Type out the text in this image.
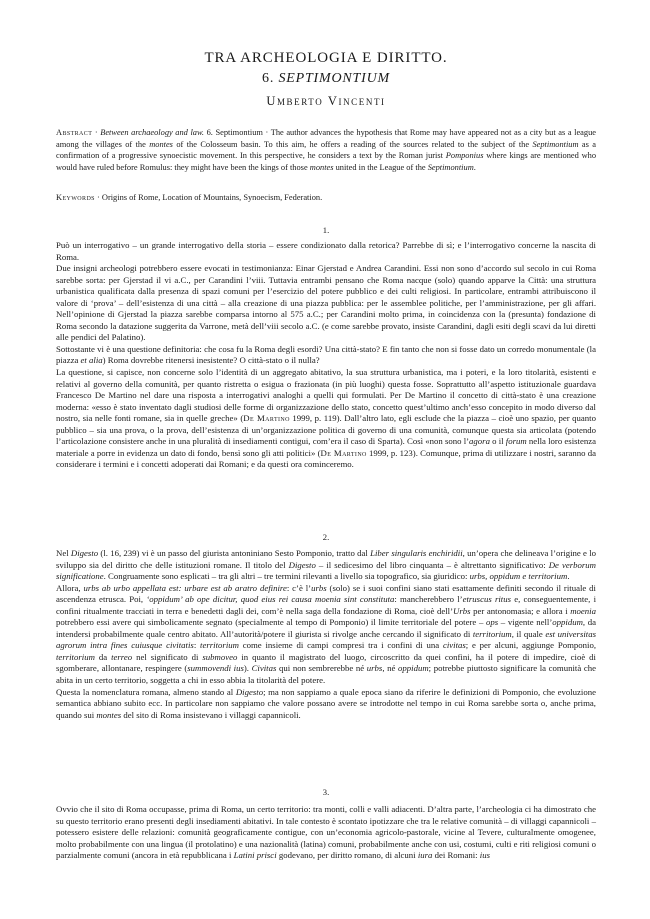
TRA ARCHEOLOGIA E DIRITTO.
6. SEPTIMONTIUM
Umberto Vincenti
Abstract · Between archaeology and law. 6. Septimontium · The author advances the hypothesis that Rome may have appeared not as a city but as a league among the villages of the montes of the Colosseum basin. To this aim, he offers a reading of the sources related to the subject of the Septimontium as a confirmation of a progressive synoecistic movement. In this perspective, he considers a text by the Roman jurist Pomponius where kings are mentioned who would have ruled before Romulus: they might have been the kings of those montes united in the League of the Septimontium.
Keywords · Origins of Rome, Location of Mountains, Synoecism, Federation.
1.

Può un interrogativo – un grande interrogativo della storia – essere condizionato dalla retorica? Parrebbe di sì; e l’interrogativo concerne la nascita di Roma.

Due insigni archeologi potrebbero essere evocati in testimonianza: Einar Gjerstad e Andrea Carandini. Essi non sono d’accordo sul secolo in cui Roma sarebbe sorta: per Gjerstad il vi a.C., per Carandini l’viii. Tuttavia entrambi pensano che Roma nacque (solo) quando apparve la Città: una struttura urbanistica qualificata dalla presenza di spazi comuni per l’esercizio del potere pubblico e dei culti religiosi. In particolare, entrambi attribuiscono il valore di ‘prova’ – dell’esistenza di una città – alla creazione di una piazza pubblica: per le assemblee politiche, per l’amministrazione, per gli affari. Nell’opinione di Gjerstad la piazza sarebbe comparsa intorno al 575 a.C.; per Carandini molto prima, in coincidenza con la (presunta) fondazione di Roma secondo la datazione suggerita da Varrone, metà dell’viii secolo a.C. (e come sarebbe provato, insiste Carandini, dagli esiti degli scavi da lui diretti alle pendici del Palatino).

Sottostante vi è una questione definitoria: che cosa fu la Roma degli esordi? Una città-stato? E fin tanto che non si fosse dato un corredo monumentale (la piazza et alia) Roma dovrebbe ritenersi inesistente? O città-stato o il nulla?

La questione, si capisce, non concerne solo l’identità di un aggregato abitativo, la sua struttura urbanistica, ma i poteri, e la loro titolarità, esistenti e relativi al governo della comunità, per quanto ristretta o esigua o frazionata (in più luoghi) questa fosse. Soprattutto all’aspetto istituzionale guardava Francesco De Martino nel dare una risposta a interrogativi analoghi a quelli qui formulati. Per De Martino il concetto di città-stato è una creazione moderna: «esso è stato inventato dagli studiosi delle forme di organizzazione dello stato, concetto quest’ultimo anch’esso concepito in modo diverso dal nostro, sia nelle fonti romane, sia in quelle greche» (De Martino 1999, p. 119). Dall’altro lato, egli esclude che la piazza – cioè uno spazio, per quanto pubblico – sia una prova, o la prova, dell’esistenza di un’organizzazione politica di governo di una comunità, comunque questa sia articolata (potendo l’articolazione consistere anche in una pluralità di insediamenti contigui, com’era il caso di Sparta). Così «non sono l’agora o il forum nella loro esistenza materiale a porre in evidenza un dato di fondo, bensì sono gli atti politici» (De Martino 1999, p. 123). Comunque, prima di utilizzare i nostri, saranno da considerare i termini e i concetti adoperati dai Romani; e da questi ora cominceremo.

2.

Nel Digesto (l. 16, 239) vi è un passo del giurista antoniniano Sesto Pomponio, tratto dal Liber singularis enchiridii, un’opera che delineava l’origine e lo sviluppo sia del diritto che delle istituzioni romane. Il titolo del Digesto – il sedicesimo del libro cinquanta – è altrettanto significativo: De verborum significatione. Congruamente sono esplicati – tra gli altri – tre termini rilevanti a livello sia topografico, sia giuridico: urbs, oppidum e territorium.

Allora, urbs ab urbo appellata est: urbare est ab aratro definire: c’è l’urbs (solo) se i suoi confini siano stati esattamente definiti secondo il rituale di ascendenza etrusca. Poi, ‘oppidum’ ab ope dicitur, quod eius rei causa moenia sint constituta: mancherebbero l’etruscus ritus e, conseguentemente, i confini ritualmente tracciati in terra e benedetti dagli dei, com’è nella saga della fondazione di Roma, cioè dell’Urbs per antonomasia; e allora i moenia potrebbero essi avere qui simbolicamente segnato (specialmente al tempo di Pomponio) il limite territoriale del potere – ops – vigente nell’oppidum, da intendersi probabilmente quale centro abitato. All’autorità/potere il giurista si rivolge anche cercando il significato di territorium, il quale est universitas agrorum intra fines cuiusque civitatis: territorium come insieme di campi compresi tra i confini di una civitas; e per alcuni, aggiunge Pomponio, territorium da terreo nel significato di submoveo in quanto il magistrato del luogo, circoscritto da quei confini, ha il potere di impedire, cioè di sgomberare, allontanare, respingere (summovendi ius). Civitas qui non sembrerebbe né urbs, né oppidum; potrebbe piuttosto significare la comunità che abita in un certo territorio, soggetta a chi in esso abbia la titolarità del potere.

Questa la nomenclatura romana, almeno stando al Digesto; ma non sappiamo a quale epoca siano da riferire le definizioni di Pomponio, che evoluzione semantica abbiano subito ecc. In particolare non sappiamo che valore possano avere se introdotte nel tempo in cui Roma sarebbe sorta o, anche prima, quando sui montes del sito di Roma insistevano i villaggi capannicoli.

3.

Ovvio che il sito di Roma occupasse, prima di Roma, un certo territorio: tra monti, colli e valli adiacenti. D’altra parte, l’archeologia ci ha dimostrato che su questo territorio erano presenti degli insediamenti abitativi. In tale contesto è scontato ipotizzare che tra le relative comunità – di villaggi capannicoli – potessero esistere delle relazioni: comunità geograficamente contigue, con un’economia agricolo-pastorale, vicine al Tevere, culturalmente omogenee, molto probabilmente con una lingua (il protolatino) e una nazionalità (latina) comuni, probabilmente anche con usi, costumi, culti e riti religiosi comuni o parzialmente comuni (ancora in età repubblicana i Latini prisci godevano, per diritto romano, di alcuni iura dei Romani: ius
